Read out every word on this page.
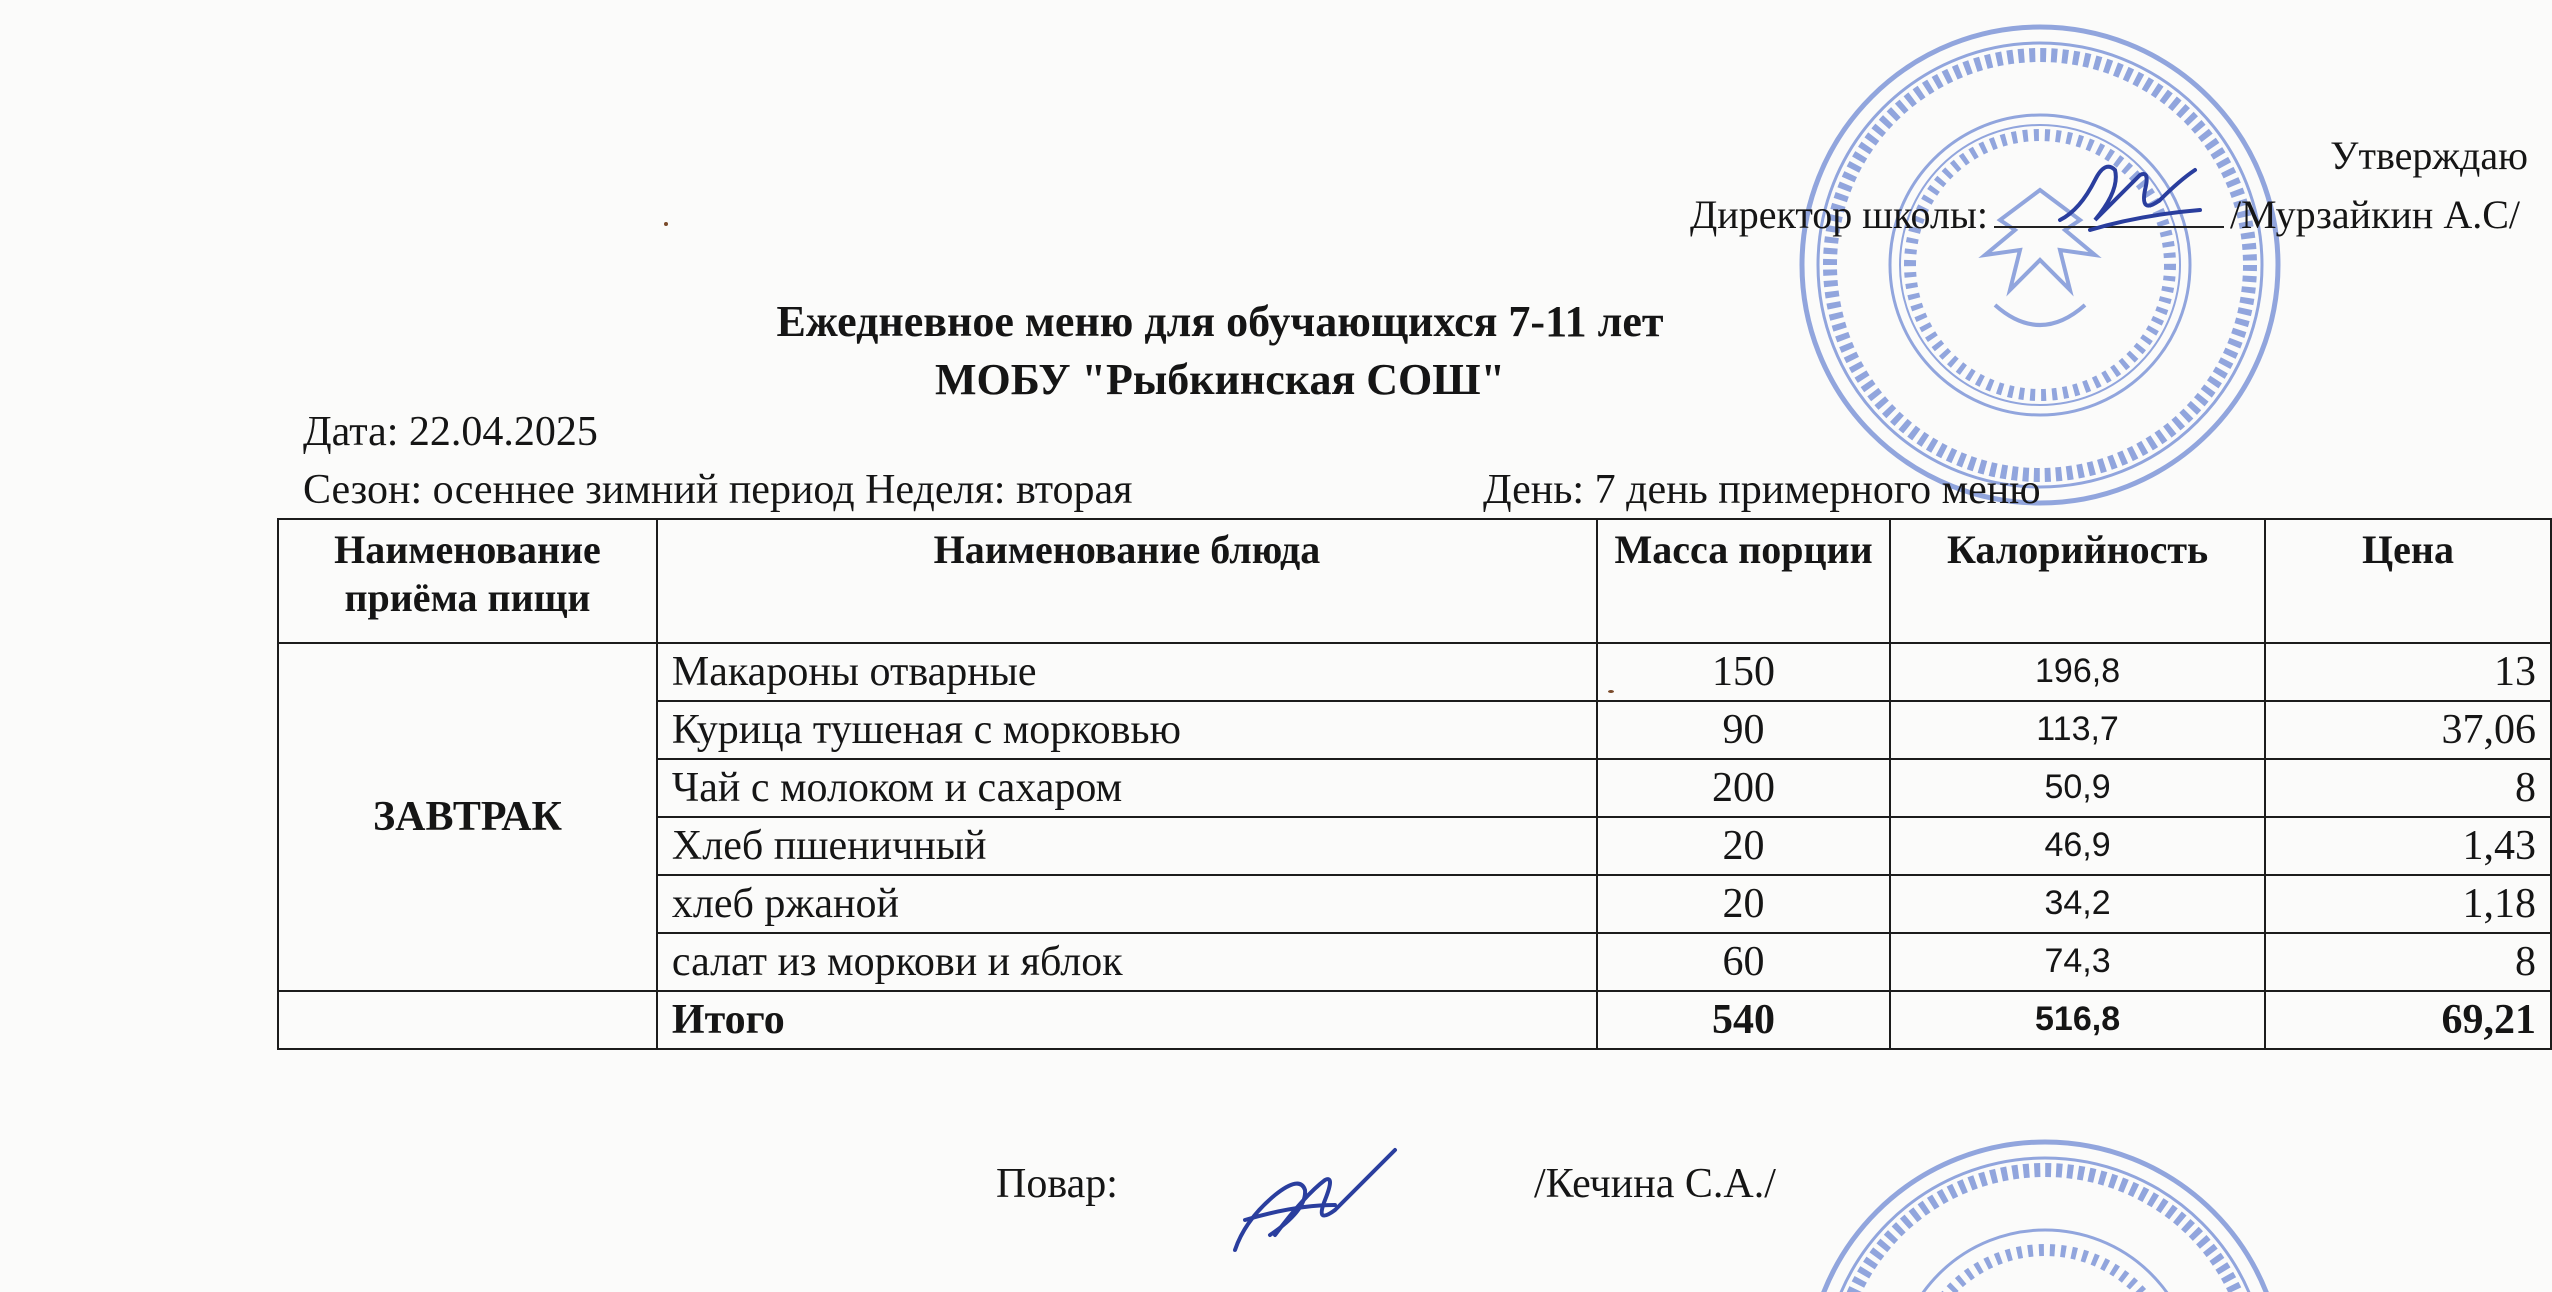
Утверждаю
Директор школы:	/Мурзайкин А.С/
Ежедневное меню для обучающихся 7-11 лет
МОБУ "Рыбкинская СОШ"
Дата: 22.04.2025
Сезон: осеннее зимний период Неделя: вторая	День: 7 день примерного меню
Наименование приёма пищи	Наименование блюда	Масса порции	Калорийность	Цена
ЗАВТРАК	Макароны отварные	150	196,8	13
	Курица тушеная с морковью	90	113,7	37,06
	Чай с молоком и сахаром	200	50,9	8
	Хлеб пшеничный	20	46,9	1,43
	хлеб ржаной	20	34,2	1,18
	салат из моркови и яблок	60	74,3	8
	Итого	540	516,8	69,21
Повар:	/Кечина С.А./
